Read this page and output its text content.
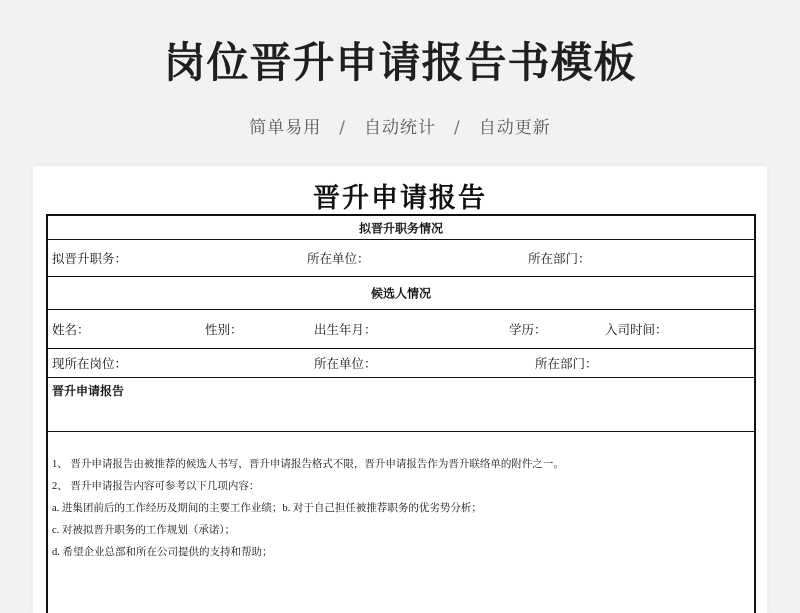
岗位晋升申请报告书模板
简单易用 / 自动统计 / 自动更新
晋升申请报告
拟晋升职务情况
拟晋升职务：	所在单位：	所在部门：
候选人情况
姓名：	性别：	出生年月：	学历：	入司时间：
现所在岗位：	所在单位：	所在部门：
晋升申请报告
1、 晋升申请报告由被推荐的候选人书写，晋升申请报告格式不限，晋升申请报告作为晋升联络单的附件之一。
2、 晋升申请报告内容可参考以下几项内容：
a. 进集团前后的工作经历及期间的主要工作业绩；b. 对于自己担任被推荐职务的优劣势分析；
c. 对被拟晋升职务的工作规划（承诺）；
d. 希望企业总部和所在公司提供的支持和帮助；
